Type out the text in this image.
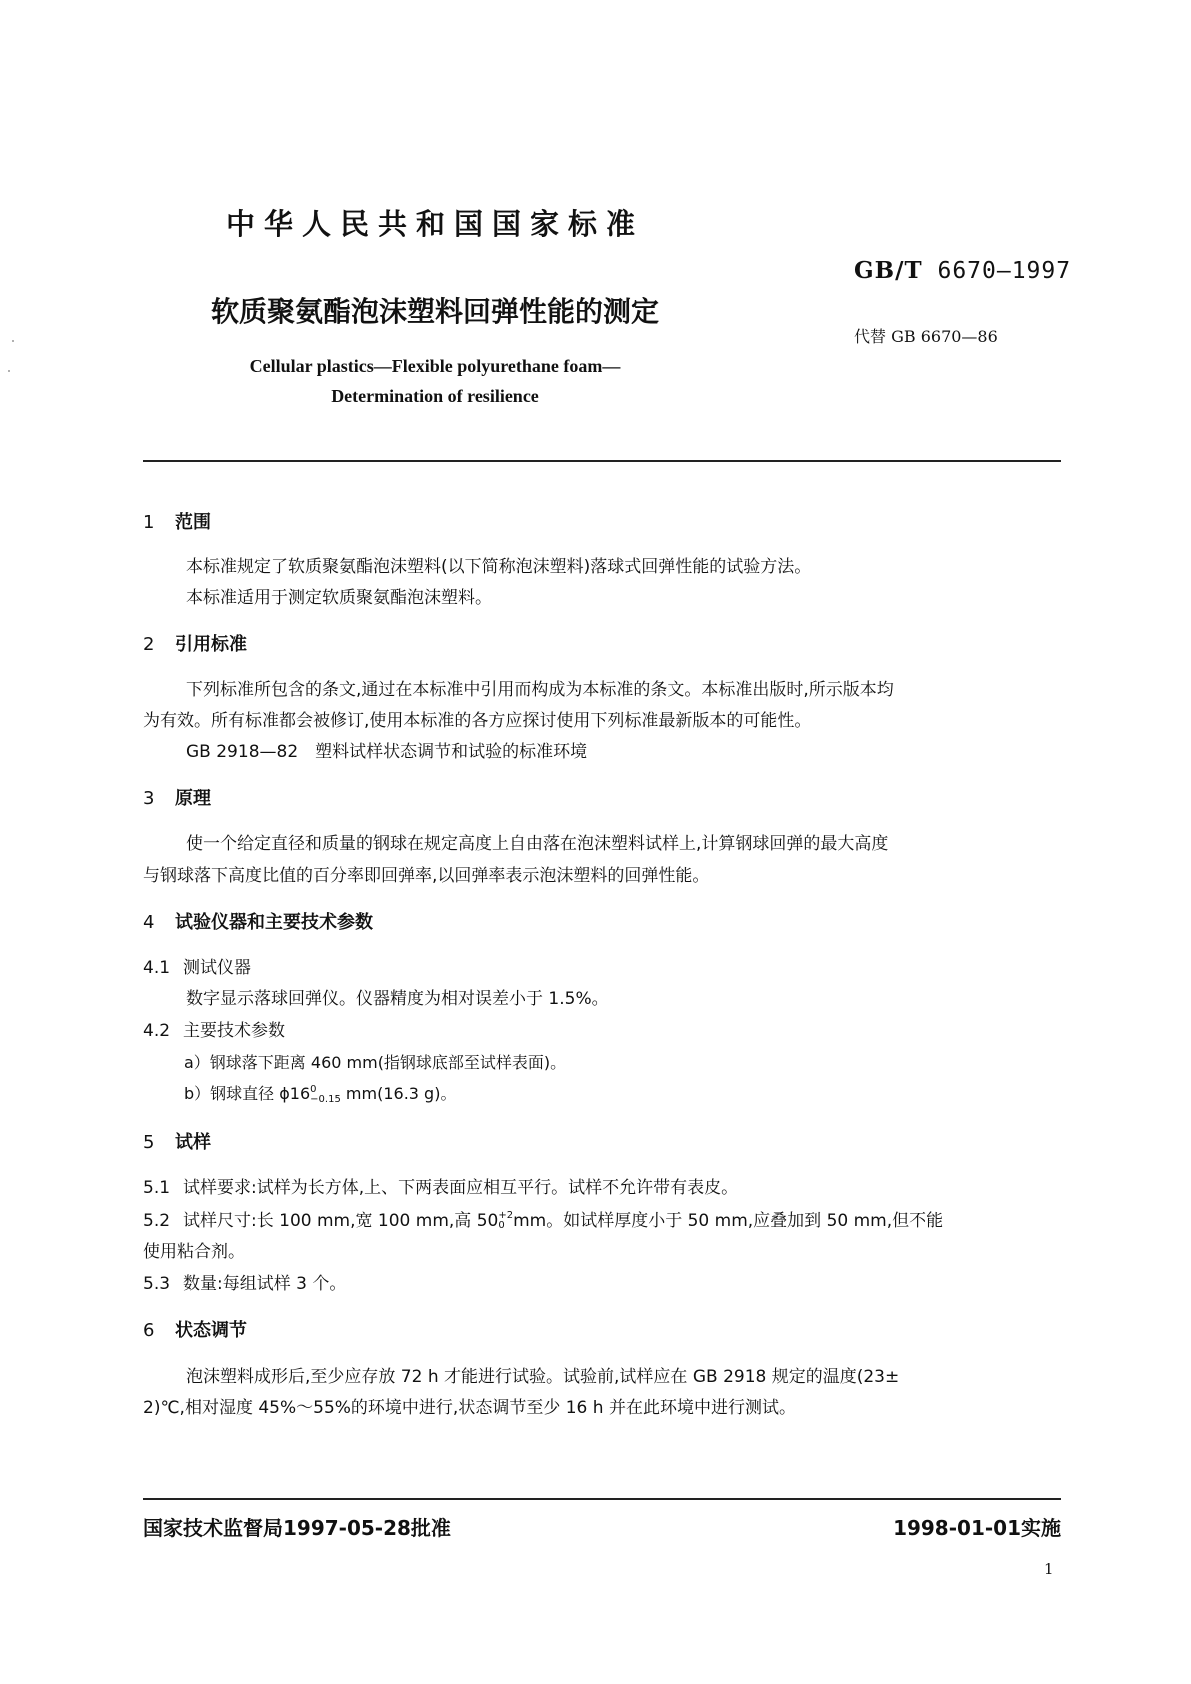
中华人民共和国国家标准
GB/T 6670—1997
软质聚氨酯泡沫塑料回弹性能的测定
代替 GB 6670—86
Cellular plastics—Flexible polyurethane foam—
Determination of resilience
1 范围
本标准规定了软质聚氨酯泡沫塑料(以下简称泡沫塑料)落球式回弹性能的试验方法。
本标准适用于测定软质聚氨酯泡沫塑料。
2 引用标准
下列标准所包含的条文,通过在本标准中引用而构成为本标准的条文。本标准出版时,所示版本均
为有效。所有标准都会被修订,使用本标准的各方应探讨使用下列标准最新版本的可能性。
GB 2918—82　塑料试样状态调节和试验的标准环境
3 原理
使一个给定直径和质量的钢球在规定高度上自由落在泡沫塑料试样上,计算钢球回弹的最大高度
与钢球落下高度比值的百分率即回弹率,以回弹率表示泡沫塑料的回弹性能。
4 试验仪器和主要技术参数
4.1 测试仪器
数字显示落球回弹仪。仪器精度为相对误差小于 1.5%。
4.2 主要技术参数
a）钢球落下距离 460 mm(指钢球底部至试样表面)。
b）钢球直径 ϕ16 0
−0.15 mm(16.3 g)。
5 试样
5.1 试样要求:试样为长方体,上、下两表面应相互平行。试样不允许带有表皮。
5.2 试样尺寸:长 100 mm,宽 100 mm,高 50 +2
0 mm。如试样厚度小于 50 mm,应叠加到 50 mm,但不能
使用粘合剂。
5.3 数量:每组试样 3 个。
6 状态调节
泡沫塑料成形后,至少应存放 72 h 才能进行试验。试验前,试样应在 GB 2918 规定的温度(23±
2)℃,相对湿度 45%～55%的环境中进行,状态调节至少 16 h 并在此环境中进行测试。
国家技术监督局1997-05-28批准	1998-01-01实施
1
